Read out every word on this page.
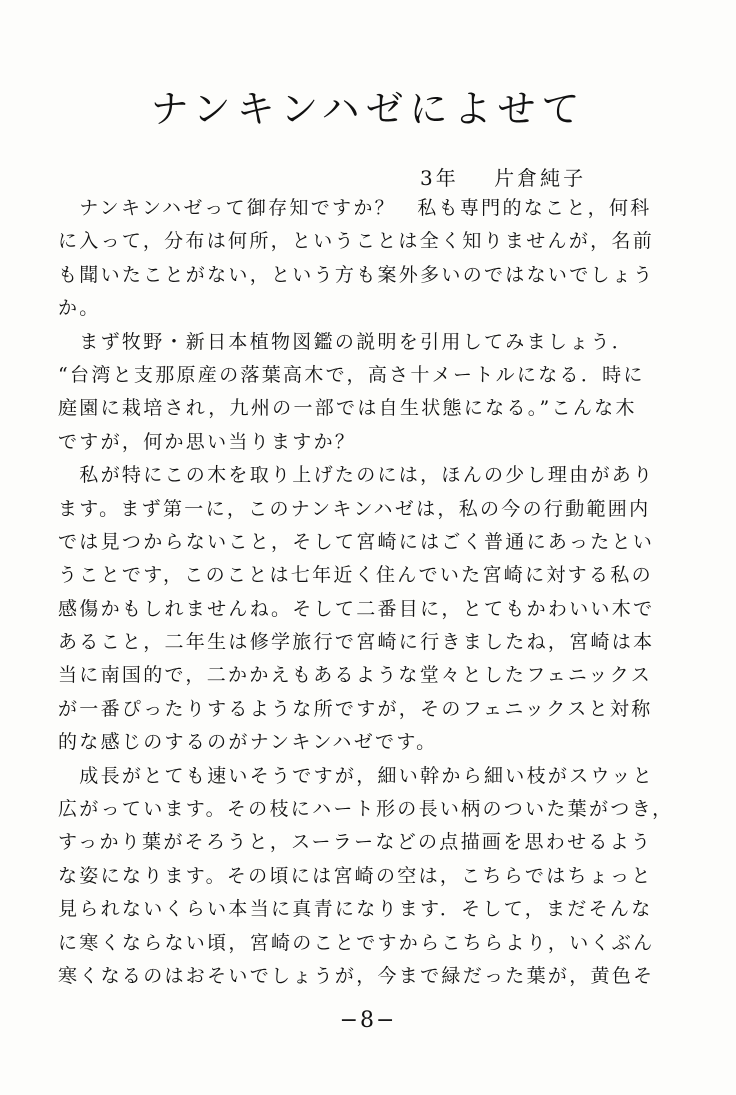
ナンキンハゼによせて
3年 片倉純子
　ナンキンハゼって御存知ですか？　私も専門的なこと，何科
に入って，分布は何所，ということは全く知りませんが，名前
も聞いたことがない，という方も案外多いのではないでしょう
か。
　まず牧野・新日本植物図鑑の説明を引用してみましょう．
“台湾と支那原産の落葉高木で，高さ十メートルになる．時に
庭園に栽培され，九州の一部では自生状態になる。”こんな木
ですが，何か思い当りますか？
　私が特にこの木を取り上げたのには，ほんの少し理由があり
ます。まず第一に，このナンキンハゼは，私の今の行動範囲内
では見つからないこと，そして宮崎にはごく普通にあったとい
うことです，このことは七年近く住んでいた宮崎に対する私の
感傷かもしれませんね。そして二番目に，とてもかわいい木で
あること，二年生は修学旅行で宮崎に行きましたね，宮崎は本
当に南国的で，二かかえもあるような堂々としたフェニックス
が一番ぴったりするような所ですが，そのフェニックスと対称
的な感じのするのがナンキンハゼです。
　成長がとても速いそうですが，細い幹から細い枝がスウッと
広がっています。その枝にハート形の長い柄のついた葉がつき，
すっかり葉がそろうと，スーラーなどの点描画を思わせるよう
な姿になります。その頃には宮崎の空は，こちらではちょっと
見られないくらい本当に真青になります．そして，まだそんな
に寒くならない頃，宮崎のことですからこちらより，いくぶん
寒くなるのはおそいでしょうが，今まで緑だった葉が，黄色そ
−8−
